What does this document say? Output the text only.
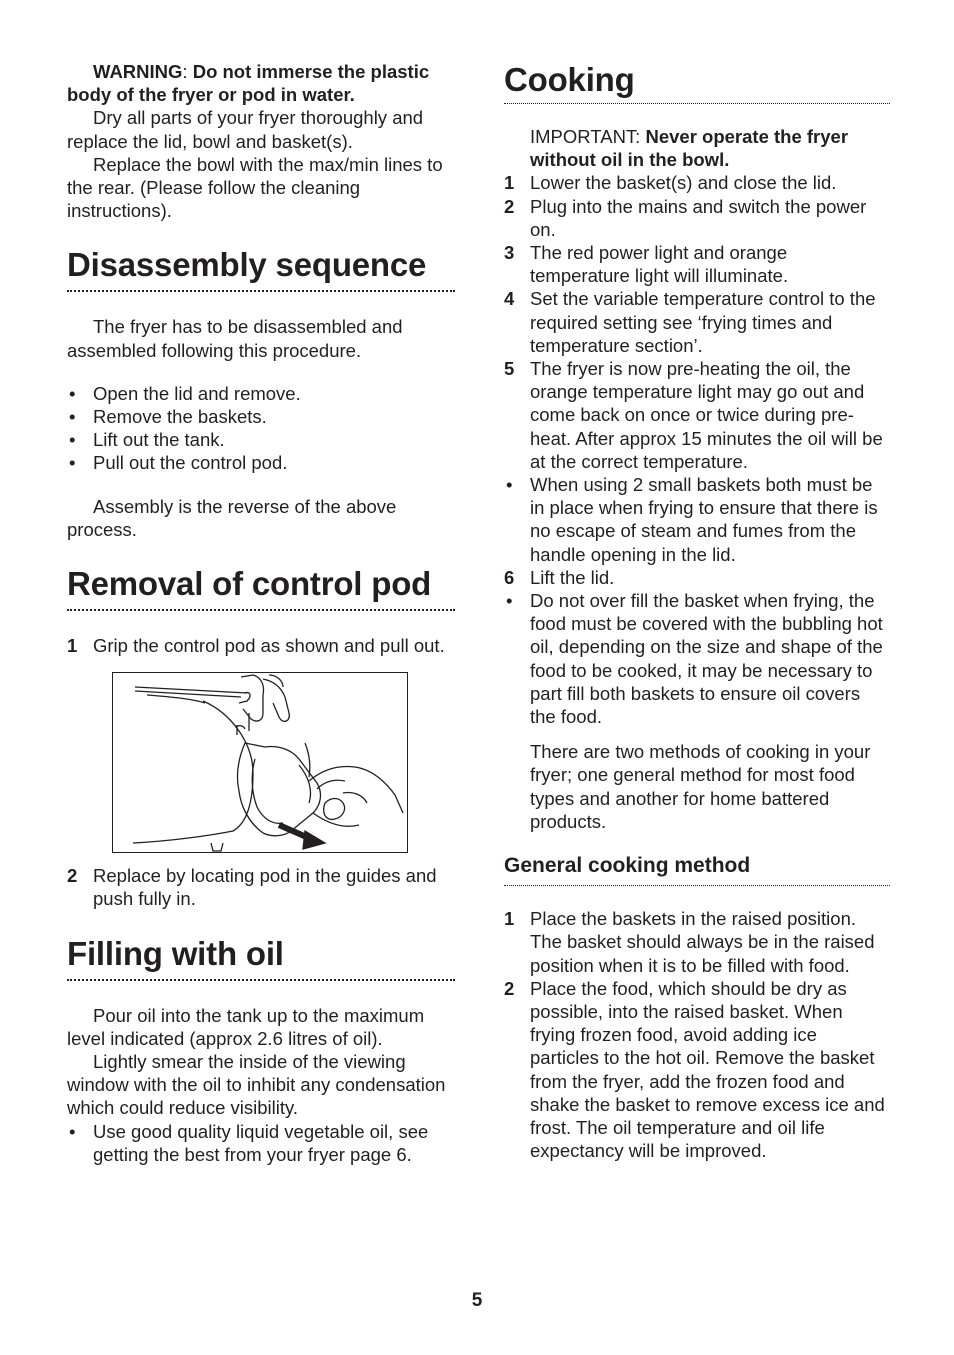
WARNING: Do not immerse the plastic body of the fryer or pod in water.

Dry all parts of your fryer thoroughly and replace the lid, bowl and basket(s).

Replace the bowl with the max/min lines to the rear. (Please follow the cleaning instructions).

Disassembly sequence

The fryer has to be disassembled and assembled following this procedure.

• Open the lid and remove.
• Remove the baskets.
• Lift out the tank.
• Pull out the control pod.

Assembly is the reverse of the above process.

Removal of control pod
1 Grip the control pod as shown and pull out.
2 Replace by locating pod in the guides and push fully in.
Filling with oil

Pour oil into the tank up to the maximum level indicated (approx 2.6 litres of oil).

Lightly smear the inside of the viewing window with the oil to inhibit any condensation which could reduce visibility.

• Use good quality liquid vegetable oil, see getting the best from your fryer page 6.
Cooking
IMPORTANT: Never operate the fryer without oil in the bowl.
1 Lower the basket(s) and close the lid.
2 Plug into the mains and switch the power on.
3 The red power light and orange temperature light will illuminate.
4 Set the variable temperature control to the required setting see ‘frying times and temperature section’.
5 The fryer is now pre-heating the oil, the orange temperature light may go out and come back on once or twice during pre-heat. After approx 15 minutes the oil will be at the correct temperature.
• When using 2 small baskets both must be in place when frying to ensure that there is no escape of steam and fumes from the handle opening in the lid.
6 Lift the lid.
• Do not over fill the basket when frying, the food must be covered with the bubbling hot oil, depending on the size and shape of the food to be cooked, it may be necessary to part fill both baskets to ensure oil covers the food.
There are two methods of cooking in your fryer; one general method for most food types and another for home battered products.
General cooking method
1 Place the baskets in the raised position. The basket should always be in the raised position when it is to be filled with food.
2 Place the food, which should be dry as possible, into the raised basket. When frying frozen food, avoid adding ice particles to the hot oil. Remove the basket from the fryer, add the frozen food and shake the basket to remove excess ice and frost. The oil temperature and oil life expectancy will be improved.
5
